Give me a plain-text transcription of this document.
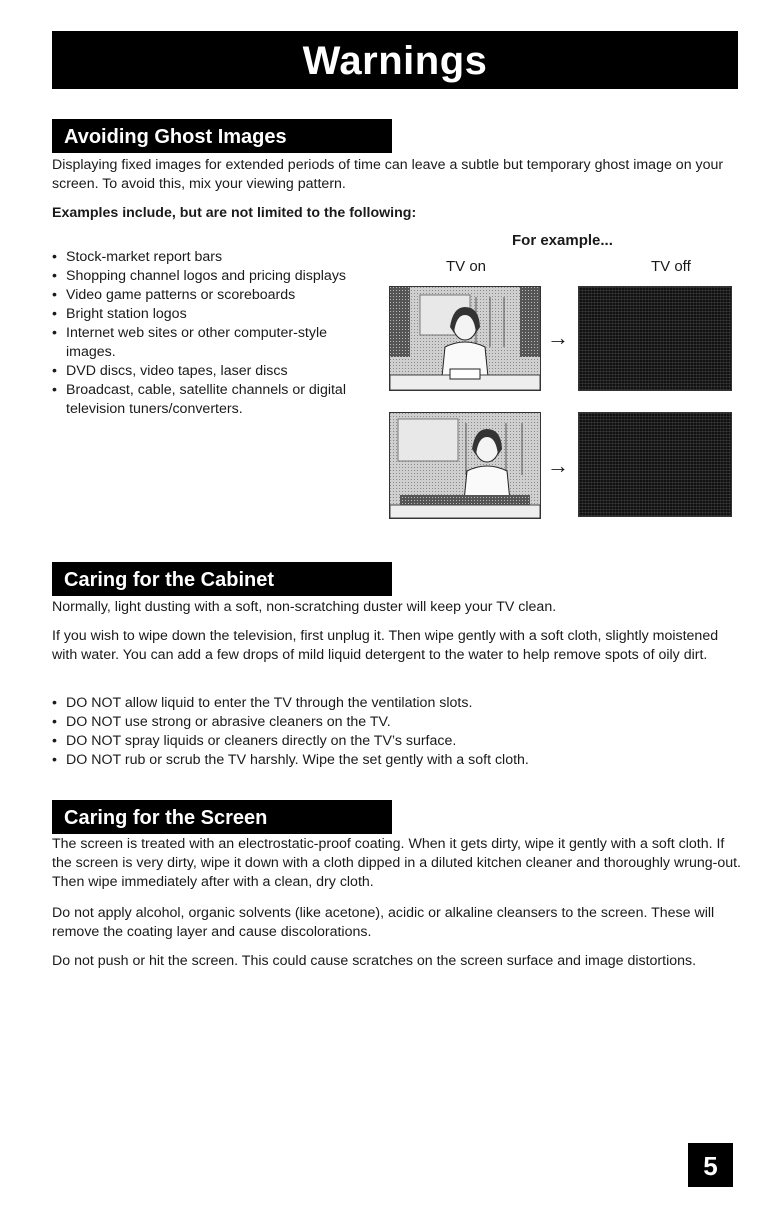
Warnings
Avoiding Ghost Images

Displaying fixed images for extended periods of time can leave a subtle but temporary ghost image on your screen. To avoid this, mix your viewing pattern.

Examples include, but are not limited to the following:

• Stock-market report bars
• Shopping channel logos and pricing displays
• Video game patterns or scoreboards
• Bright station logos
• Internet web sites or other computer-style images.
• DVD discs, video tapes, laser discs
• Broadcast, cable, satellite channels or digital television tuners/converters.
For example...
TV on	TV off
→
→
Caring for the Cabinet

Normally, light dusting with a soft, non-scratching duster will keep your TV clean.

If you wish to wipe down the television, first unplug it. Then wipe gently with a soft cloth, slightly moistened with water. You can add a few drops of mild liquid detergent to the water to help remove spots of oily dirt.

• DO NOT allow liquid to enter the TV through the ventilation slots.
• DO NOT use strong or abrasive cleaners on the TV.
• DO NOT spray liquids or cleaners directly on the TV’s surface.
• DO NOT rub or scrub the TV harshly. Wipe the set gently with a soft cloth.
Caring for the Screen

The screen is treated with an electrostatic-proof coating. When it gets dirty, wipe it gently with a soft cloth. If the screen is very dirty, wipe it down with a cloth dipped in a diluted kitchen cleaner and thoroughly wrung-out. Then wipe immediately after with a clean, dry cloth.

Do not apply alcohol, organic solvents (like acetone), acidic or alkaline cleansers to the screen. These will remove the coating layer and cause discolorations.

Do not push or hit the screen. This could cause scratches on the screen surface and image distortions.

5
